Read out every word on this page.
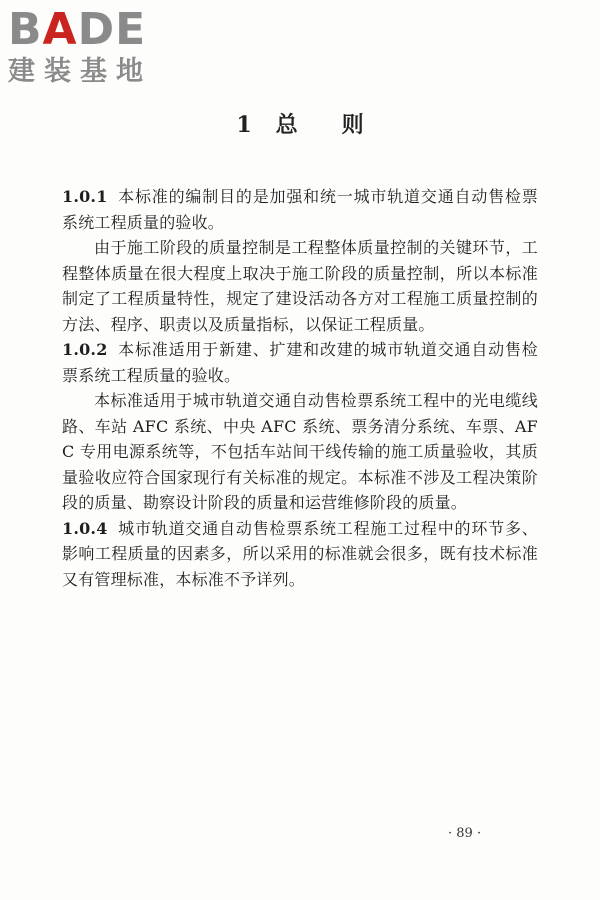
BADE
建装基地
1 总 则

1.0.1 本标准的编制目的是加强和统一城市轨道交通自动售检票系统工程质量的验收。

由于施工阶段的质量控制是工程整体质量控制的关键环节，工程整体质量在很大程度上取决于施工阶段的质量控制，所以本标准制定了工程质量特性，规定了建设活动各方对工程施工质量控制的方法、程序、职责以及质量指标，以保证工程质量。

1.0.2 本标准适用于新建、扩建和改建的城市轨道交通自动售检票系统工程质量的验收。

本标准适用于城市轨道交通自动售检票系统工程中的光电缆线路、车站 AFC 系统、中央 AFC 系统、票务清分系统、车票、AFC 专用电源系统等，不包括车站间干线传输的施工质量验收，其质量验收应符合国家现行有关标准的规定。本标准不涉及工程决策阶段的质量、勘察设计阶段的质量和运营维修阶段的质量。

1.0.4 城市轨道交通自动售检票系统工程施工过程中的环节多、影响工程质量的因素多，所以采用的标准就会很多，既有技术标准又有管理标准，本标准不予详列。

· 89 ·
